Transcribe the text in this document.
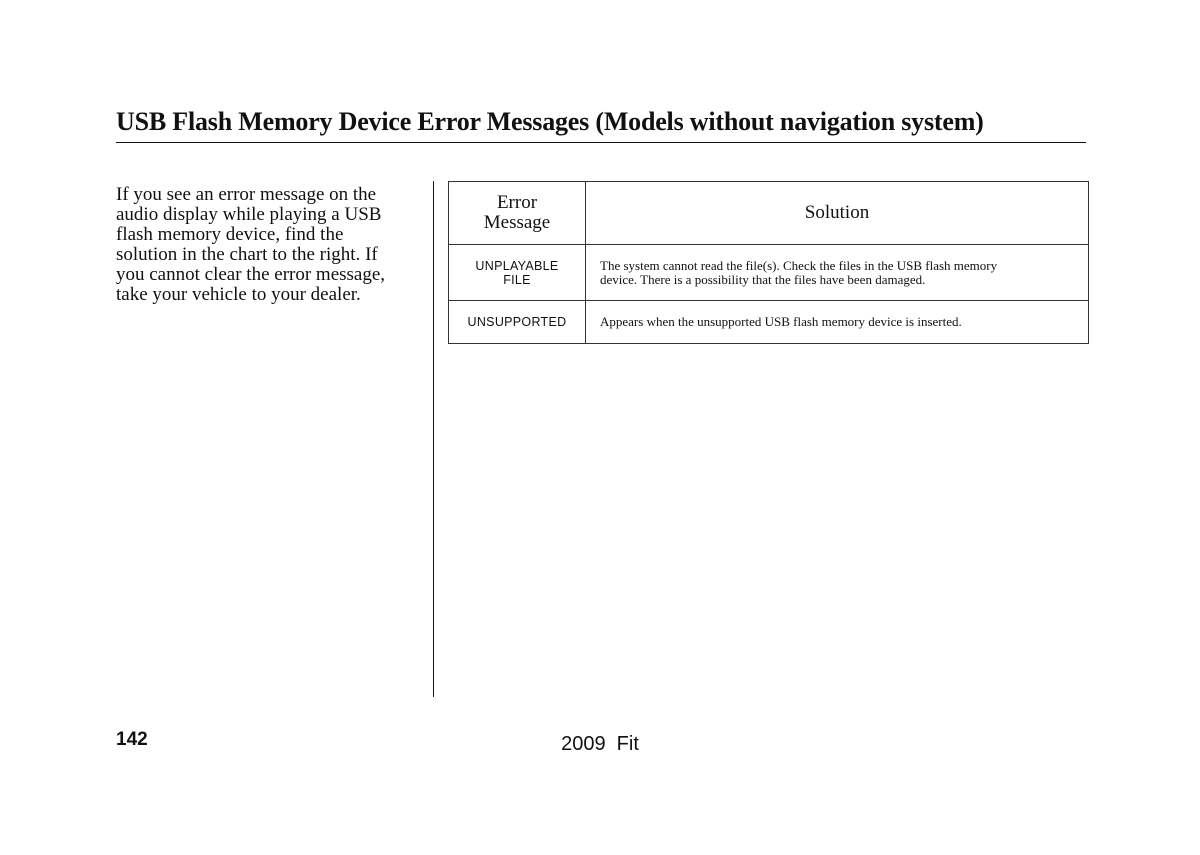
USB Flash Memory Device Error Messages (Models without navigation system)

If you see an error message on the
audio display while playing a USB
flash memory device, find the
solution in the chart to the right. If
you cannot clear the error message,
take your vehicle to your dealer.

Error
Message	Solution

UNPLAYABLE
FILE	The system cannot read the file(s). Check the files in the USB flash memory
device. There is a possibility that the files have been damaged.

UNSUPPORTED	Appears when the unsupported USB flash memory device is inserted.

142	2009  Fit
